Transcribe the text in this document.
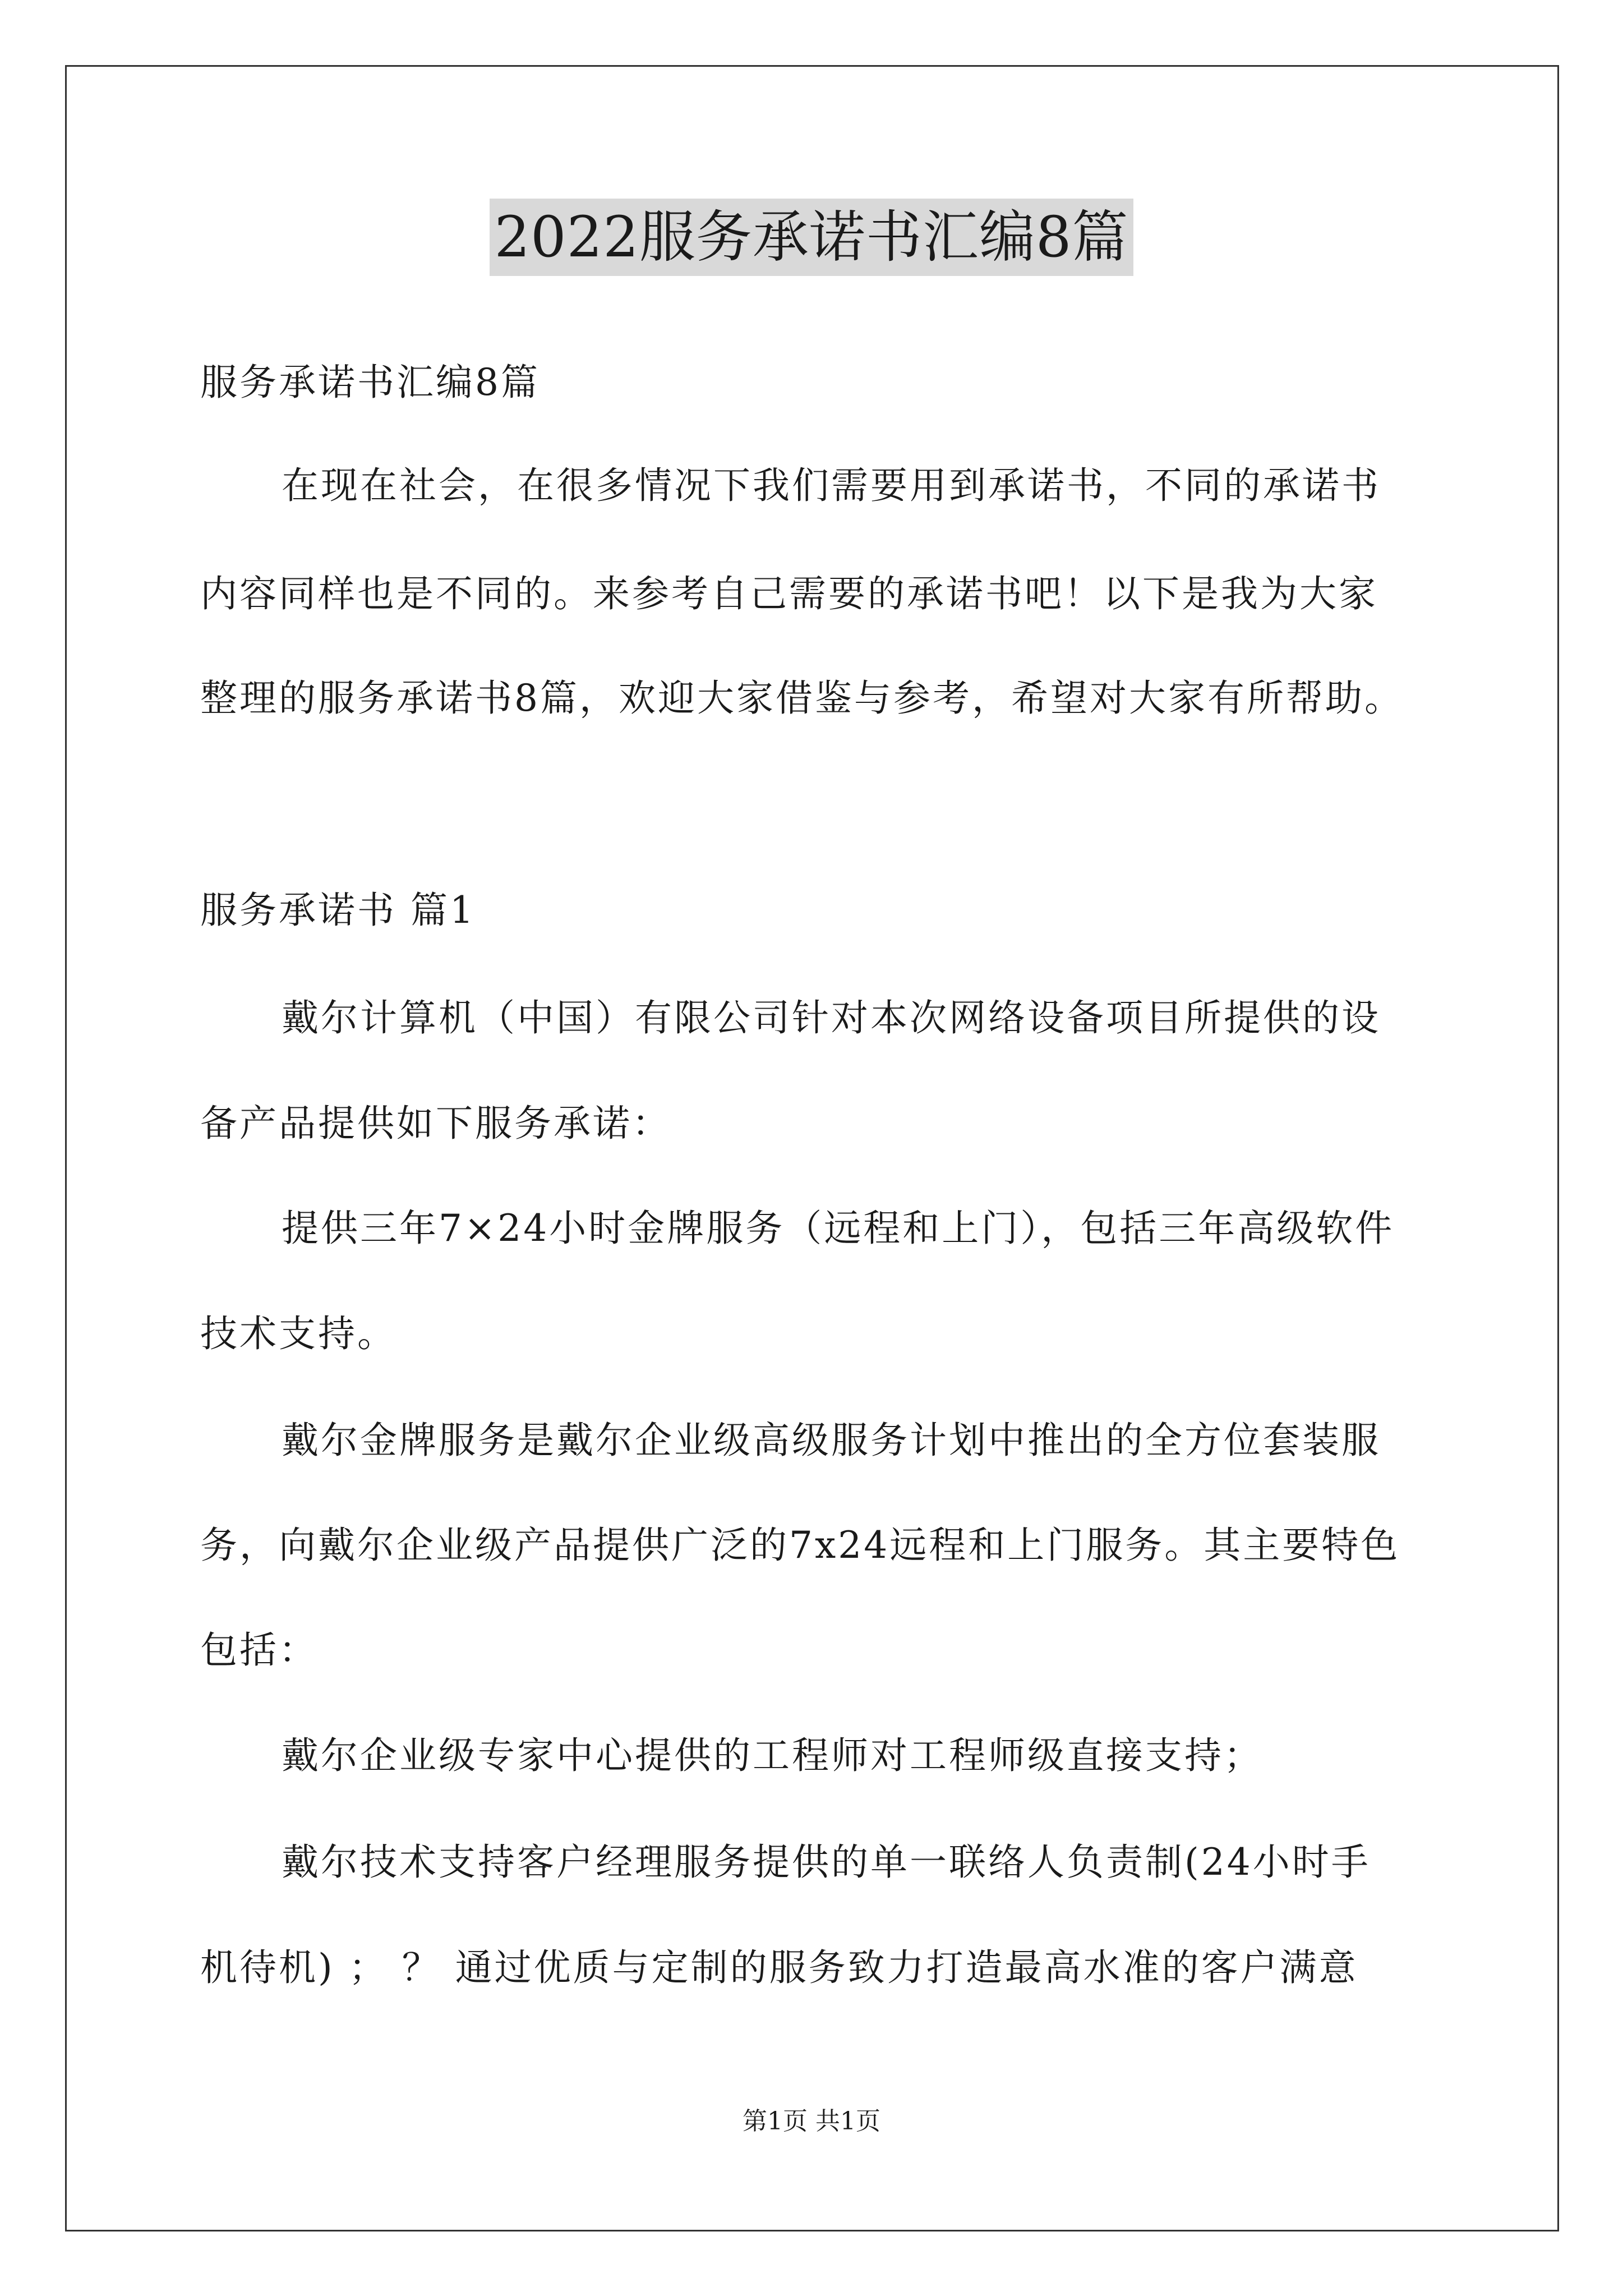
2022服务承诺书汇编8篇
服务承诺书汇编8篇
在现在社会，在很多情况下我们需要用到承诺书，不同的承诺书
内容同样也是不同的。来参考自己需要的承诺书吧！以下是我为大家
整理的服务承诺书8篇，欢迎大家借鉴与参考，希望对大家有所帮助。
服务承诺书 篇1
戴尔计算机（中国）有限公司针对本次网络设备项目所提供的设
备产品提供如下服务承诺：
提供三年7×24小时金牌服务（远程和上门），包括三年高级软件
技术支持。
戴尔金牌服务是戴尔企业级高级服务计划中推出的全方位套装服
务，向戴尔企业级产品提供广泛的7x24远程和上门服务。其主要特色
包括：
戴尔企业级专家中心提供的工程师对工程师级直接支持；
戴尔技术支持客户经理服务提供的单一联络人负责制(24小时手
机待机) ； ？ 通过优质与定制的服务致力打造最高水准的客户满意
第1页 共1页
